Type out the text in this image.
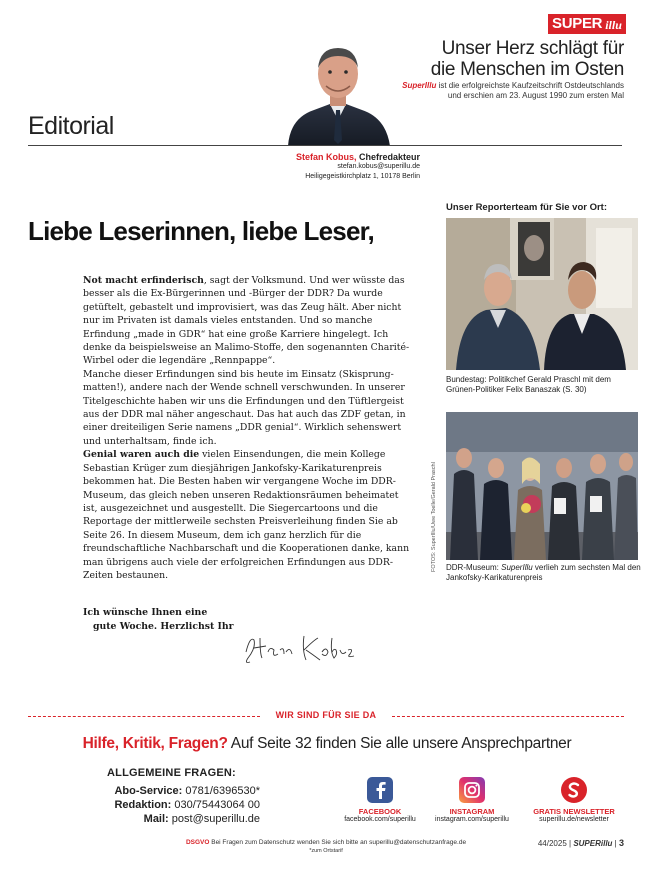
SUPER illu
Unser Herz schlägt für
die Menschen im Osten
SuperIllu ist die erfolgreichste Kaufzeitschrift Ostdeutschlands
und erschien am 23. August 1990 zum ersten Mal
Editorial
Stefan Kobus, Chefredakteur
stefan.kobus@superillu.de
Heiligegeistkirchplatz 1, 10178 Berlin
Liebe Leserinnen, liebe Leser,

Not macht erfinderisch, sagt der Volksmund. Und wer wüsste das besser als die Ex-Bürgerinnen und -Bürger der DDR? Da wurde getüftelt, gebastelt und improvisiert, was das Zeug hält. Aber nicht nur im Privaten ist damals vieles entstanden. Und so manche Erfindung „made in GDR“ hat eine große Karriere hingelegt. Ich denke da beispielsweise an Malimo-Stoffe, den sogenannten Charité-Wirbel oder die legendäre „Rennpappe“.

Manche dieser Erfindungen sind bis heute im Einsatz (Skisprung-matten!), andere nach der Wende schnell verschwunden. In unserer Titelgeschichte haben wir uns die Erfindungen und den Tüftlergeist aus der DDR mal näher angeschaut. Das hat auch das ZDF getan, in einer dreiteiligen Serie namens „DDR genial“. Wirklich sehenswert und unterhaltsam, finde ich.

Genial waren auch die vielen Einsendungen, die mein Kollege Sebastian Krüger zum diesjährigen Jankofsky-Karikaturenpreis bekommen hat. Die Besten haben wir vergangene Woche im DDR-Museum, das gleich neben unseren Redaktionsräumen beheimatet ist, ausgezeichnet und ausgestellt. Die Siegercartoons und die Reportage der mittlerweile sechsten Preisverleihung finden Sie ab Seite 26. In diesem Museum, dem ich ganz herzlich für die freundschaftliche Nachbarschaft und die Kooperationen danke, kann man übrigens auch viele der erfolgreichen Erfindungen aus DDR-Zeiten bestaunen.

Ich wünsche Ihnen eine
gute Woche. Herzlichst Ihr
Unser Reporterteam für Sie vor Ort:
Bundestag: Politikchef Gerald Praschl mit dem Grünen-Politiker Felix Banaszak (S. 30)
DDR-Museum: SuperIllu verlieh zum sechsten Mal den Jankofsky-Karikaturenpreis
FOTOS: SuperIllu/Uwe Toelle/Gerald Praschl
WIR SIND FÜR SIE DA
Hilfe, Kritik, Fragen? Auf Seite 32 finden Sie alle unsere Ansprechpartner
ALLGEMEINE FRAGEN:
Abo-Service: 0781/6396530*
Redaktion: 030/75443064 00
Mail: post@superillu.de
FACEBOOK
facebook.com/superillu
INSTAGRAM
instagram.com/superillu
GRATIS NEWSLETTER
superillu.de/newsletter
DSGVO Bei Fragen zum Datenschutz wenden Sie sich bitte an superillu@datenschutzanfrage.de
*zum Ortstarif
44/2025 | SUPERillu | 3
